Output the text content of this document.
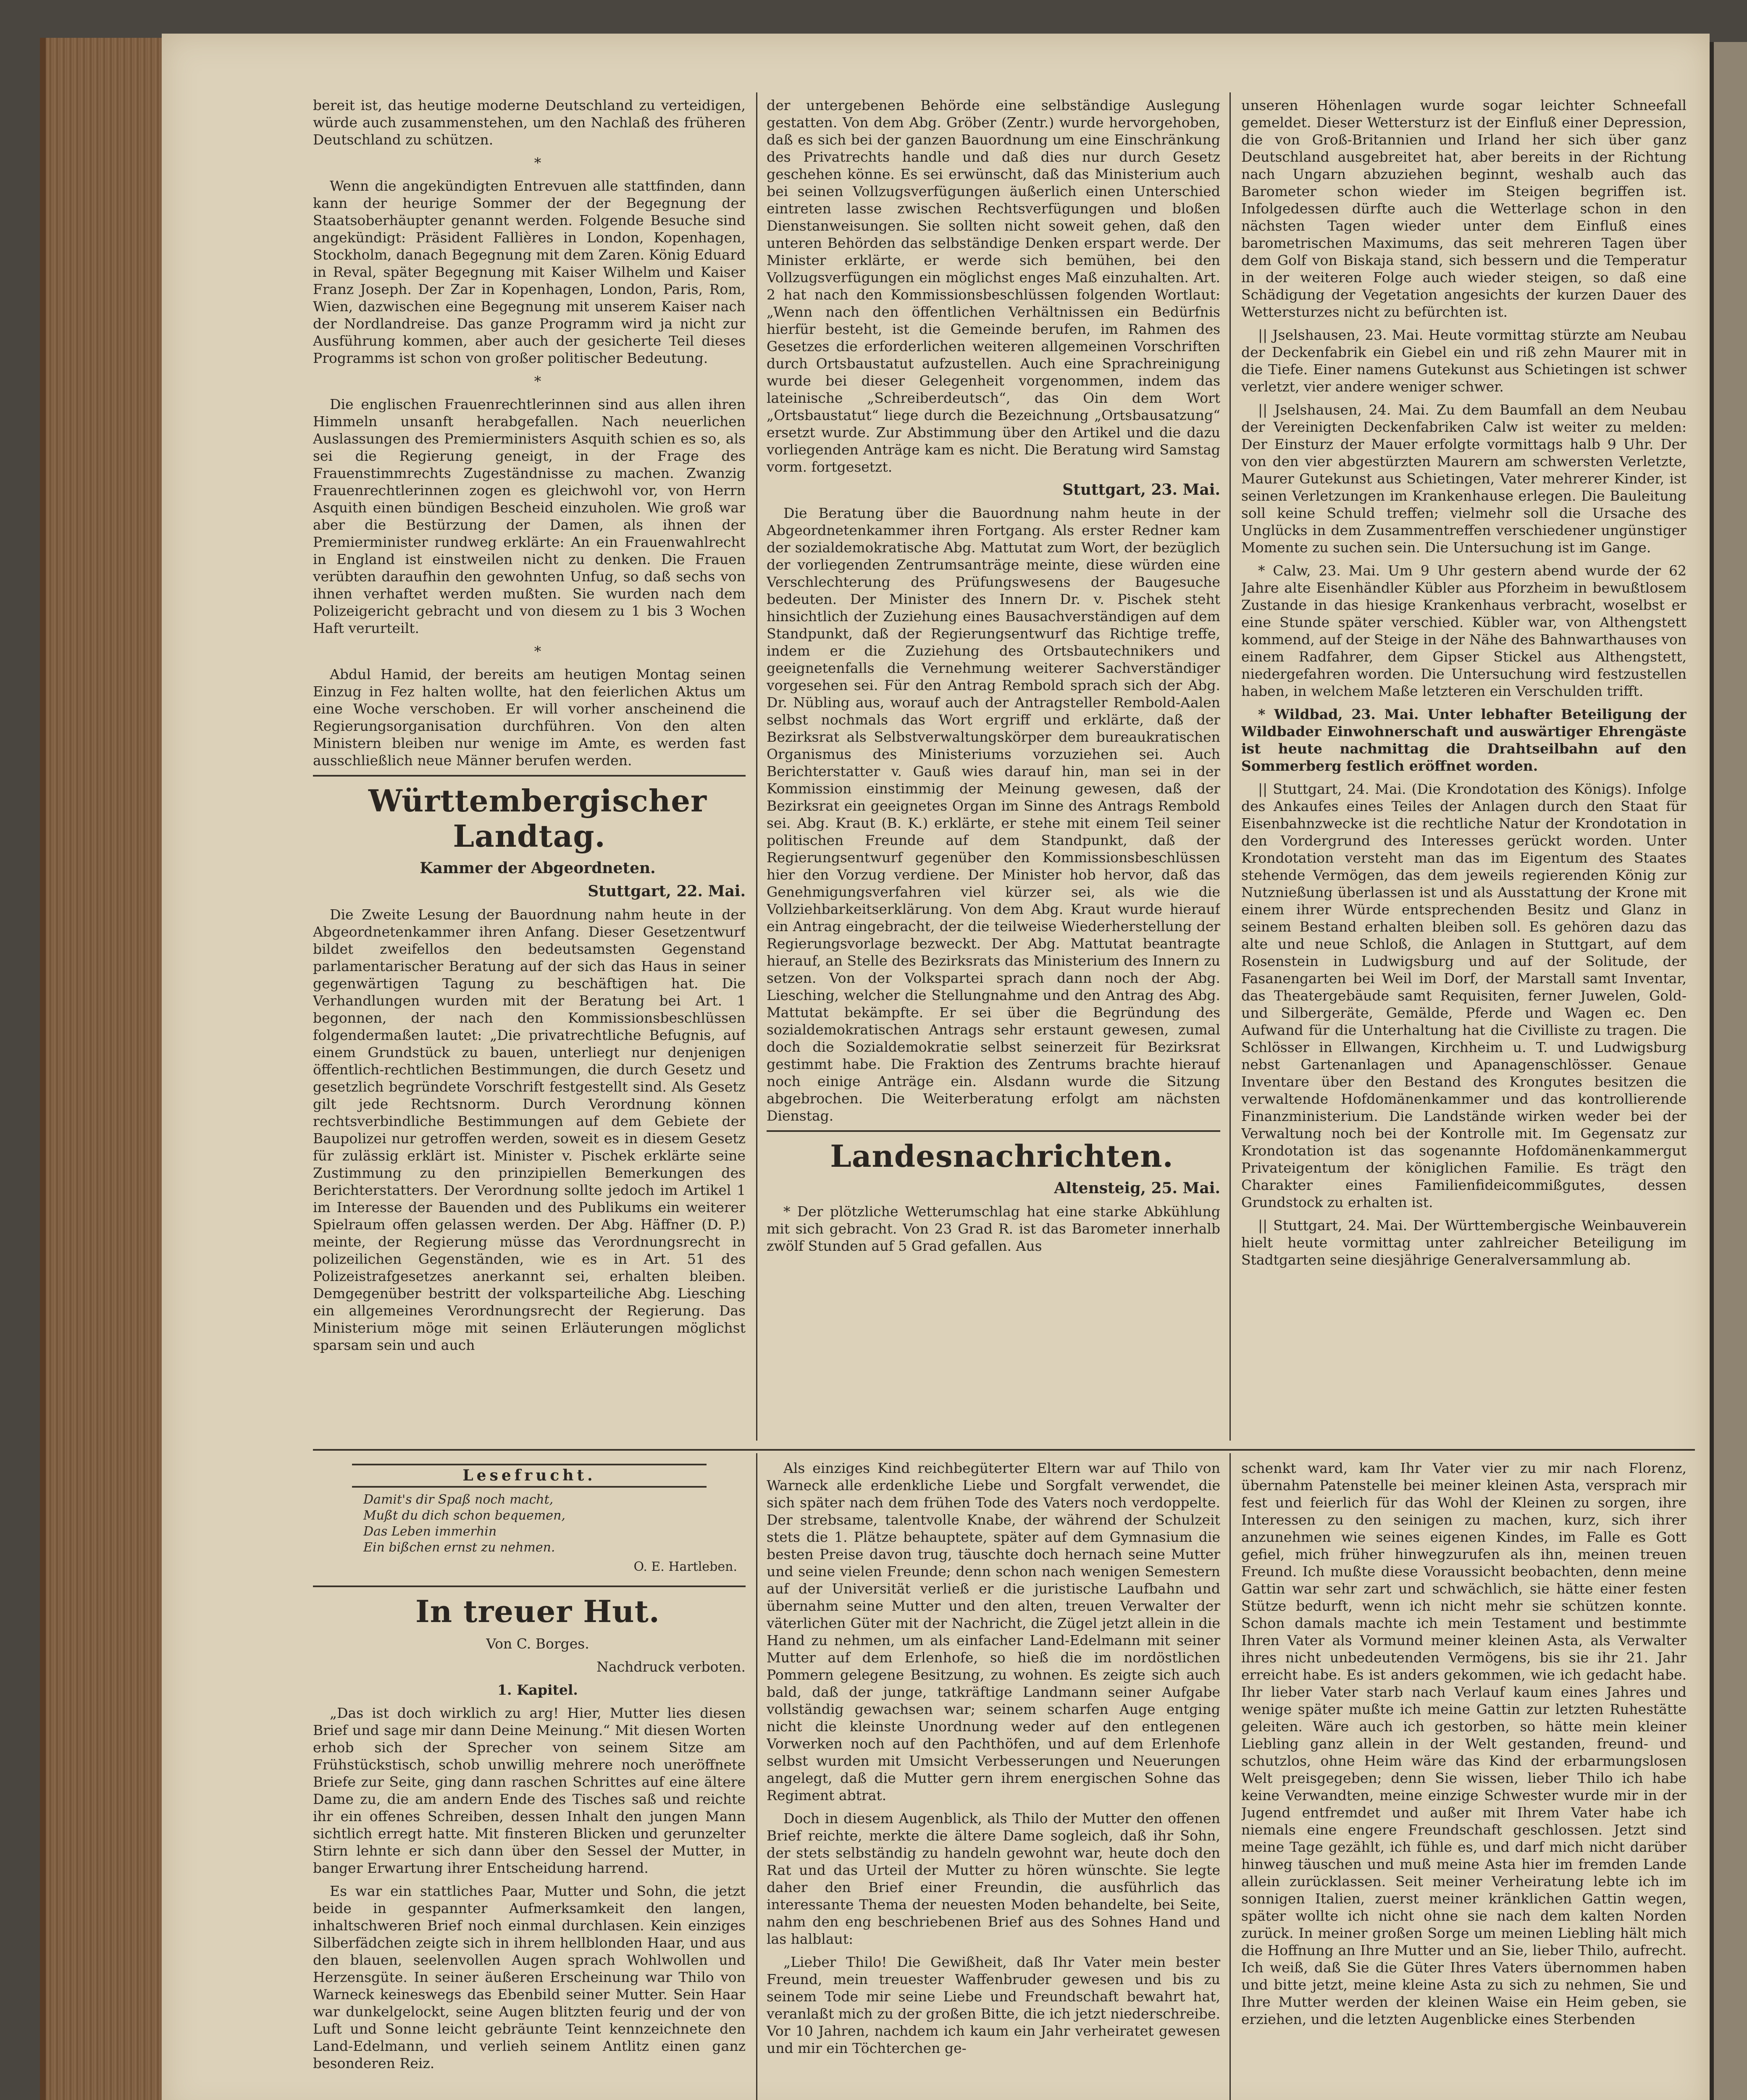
bereit ist, das heutige moderne Deutschland zu verteidigen, würde auch zusammenstehen, um den Nachlaß des früheren Deutschland zu schützen.

*

Wenn die angekündigten Entrevuen alle stattfinden, dann kann der heurige Sommer der der Begegnung der Staatsoberhäupter genannt werden. Folgende Besuche sind angekündigt: Präsident Fallières in London, Kopenhagen, Stockholm, danach Begegnung mit dem Zaren. König Eduard in Reval, später Begegnung mit Kaiser Wilhelm und Kaiser Franz Joseph. Der Zar in Kopenhagen, London, Paris, Rom, Wien, dazwischen eine Begegnung mit unserem Kaiser nach der Nordlandreise. Das ganze Programm wird ja nicht zur Ausführung kommen, aber auch der gesicherte Teil dieses Programms ist schon von großer politischer Bedeutung.

*

Die englischen Frauenrechtlerinnen sind aus allen ihren Himmeln unsanft herabgefallen. Nach neuerlichen Auslassungen des Premierministers Asquith schien es so, als sei die Regierung geneigt, in der Frage des Frauenstimmrechts Zugeständnisse zu machen. Zwanzig Frauenrechtlerinnen zogen es gleichwohl vor, von Herrn Asquith einen bündigen Bescheid einzuholen. Wie groß war aber die Bestürzung der Damen, als ihnen der Premierminister rundweg erklärte: An ein Frauenwahlrecht in England ist einstweilen nicht zu denken. Die Frauen verübten daraufhin den gewohnten Unfug, so daß sechs von ihnen verhaftet werden mußten. Sie wurden nach dem Polizeigericht gebracht und von diesem zu 1 bis 3 Wochen Haft verurteilt.

*

Abdul Hamid, der bereits am heutigen Montag seinen Einzug in Fez halten wollte, hat den feierlichen Aktus um eine Woche verschoben. Er will vorher anscheinend die Regierungsorganisation durchführen. Von den alten Ministern bleiben nur wenige im Amte, es werden fast ausschließlich neue Männer berufen werden.

Württembergischer Landtag.

Kammer der Abgeordneten.

Stuttgart, 22. Mai.

Die Zweite Lesung der Bauordnung nahm heute in der Abgeordnetenkammer ihren Anfang. Dieser Gesetzentwurf bildet zweifellos den bedeutsamsten Gegenstand parlamentarischer Beratung auf der sich das Haus in seiner gegenwärtigen Tagung zu beschäftigen hat. Die Verhandlungen wurden mit der Beratung bei Art. 1 begonnen, der nach den Kommissionsbeschlüssen folgendermaßen lautet: „Die privatrechtliche Befugnis, auf einem Grundstück zu bauen, unterliegt nur denjenigen öffentlich-rechtlichen Bestimmungen, die durch Gesetz und gesetzlich begründete Vorschrift festgestellt sind. Als Gesetz gilt jede Rechtsnorm. Durch Verordnung können rechtsverbindliche Bestimmungen auf dem Gebiete der Baupolizei nur getroffen werden, soweit es in diesem Gesetz für zulässig erklärt ist. Minister v. Pischek erklärte seine Zustimmung zu den prinzipiellen Bemerkungen des Berichterstatters. Der Verordnung sollte jedoch im Artikel 1 im Interesse der Bauenden und des Publikums ein weiterer Spielraum offen gelassen werden. Der Abg. Häffner (D. P.) meinte, der Regierung müsse das Verordnungsrecht in polizeilichen Gegenständen, wie es in Art. 51 des Polizeistrafgesetzes anerkannt sei, erhalten bleiben. Demgegenüber bestritt der volksparteiliche Abg. Liesching ein allgemeines Verordnungsrecht der Regierung. Das Ministerium möge mit seinen Erläuterungen möglichst sparsam sein und auch

der untergebenen Behörde eine selbständige Auslegung gestatten. Von dem Abg. Gröber (Zentr.) wurde hervorgehoben, daß es sich bei der ganzen Bauordnung um eine Einschränkung des Privatrechts handle und daß dies nur durch Gesetz geschehen könne. Es sei erwünscht, daß das Ministerium auch bei seinen Vollzugsverfügungen äußerlich einen Unterschied eintreten lasse zwischen Rechtsverfügungen und bloßen Dienstanweisungen. Sie sollten nicht soweit gehen, daß den unteren Behörden das selbständige Denken erspart werde. Der Minister erklärte, er werde sich bemühen, bei den Vollzugsverfügungen ein möglichst enges Maß einzuhalten. Art. 2 hat nach den Kommissionsbeschlüssen folgenden Wortlaut: „Wenn nach den öffentlichen Verhältnissen ein Bedürfnis hierfür besteht, ist die Gemeinde berufen, im Rahmen des Gesetzes die erforderlichen weiteren allgemeinen Vorschriften durch Ortsbaustatut aufzustellen. Auch eine Sprachreinigung wurde bei dieser Gelegenheit vorgenommen, indem das lateinische „Schreiberdeutsch“, das Oin dem Wort „Ortsbaustatut“ liege durch die Bezeichnung „Ortsbausatzung“ ersetzt wurde. Zur Abstimmung über den Artikel und die dazu vorliegenden Anträge kam es nicht. Die Beratung wird Samstag vorm. fortgesetzt.

Stuttgart, 23. Mai.

Die Beratung über die Bauordnung nahm heute in der Abgeordnetenkammer ihren Fortgang. Als erster Redner kam der sozialdemokratische Abg. Mattutat zum Wort, der bezüglich der vorliegenden Zentrumsanträge meinte, diese würden eine Verschlechterung des Prüfungswesens der Baugesuche bedeuten. Der Minister des Innern Dr. v. Pischek steht hinsichtlich der Zuziehung eines Bausachverständigen auf dem Standpunkt, daß der Regierungsentwurf das Richtige treffe, indem er die Zuziehung des Ortsbautechnikers und geeignetenfalls die Vernehmung weiterer Sachverständiger vorgesehen sei. Für den Antrag Rembold sprach sich der Abg. Dr. Nübling aus, worauf auch der Antragsteller Rembold-Aalen selbst nochmals das Wort ergriff und erklärte, daß der Bezirksrat als Selbstverwaltungskörper dem bureaukratischen Organismus des Ministeriums vorzuziehen sei. Auch Berichterstatter v. Gauß wies darauf hin, man sei in der Kommission einstimmig der Meinung gewesen, daß der Bezirksrat ein geeignetes Organ im Sinne des Antrags Rembold sei. Abg. Kraut (B. K.) erklärte, er stehe mit einem Teil seiner politischen Freunde auf dem Standpunkt, daß der Regierungsentwurf gegenüber den Kommissionsbeschlüssen hier den Vorzug verdiene. Der Minister hob hervor, daß das Genehmigungsverfahren viel kürzer sei, als wie die Vollziehbarkeitserklärung. Von dem Abg. Kraut wurde hierauf ein Antrag eingebracht, der die teilweise Wiederherstellung der Regierungsvorlage bezweckt. Der Abg. Mattutat beantragte hierauf, an Stelle des Bezirksrats das Ministerium des Innern zu setzen. Von der Volkspartei sprach dann noch der Abg. Liesching, welcher die Stellungnahme und den Antrag des Abg. Mattutat bekämpfte. Er sei über die Begründung des sozialdemokratischen Antrags sehr erstaunt gewesen, zumal doch die Sozialdemokratie selbst seinerzeit für Bezirksrat gestimmt habe. Die Fraktion des Zentrums brachte hierauf noch einige Anträge ein. Alsdann wurde die Sitzung abgebrochen. Die Weiterberatung erfolgt am nächsten Dienstag.

Landesnachrichten.

Altensteig, 25. Mai.

* Der plötzliche Wetterumschlag hat eine starke Abkühlung mit sich gebracht. Von 23 Grad R. ist das Barometer innerhalb zwölf Stunden auf 5 Grad gefallen. Aus

unseren Höhenlagen wurde sogar leichter Schneefall gemeldet. Dieser Wettersturz ist der Einfluß einer Depression, die von Groß-Britannien und Irland her sich über ganz Deutschland ausgebreitet hat, aber bereits in der Richtung nach Ungarn abzuziehen beginnt, weshalb auch das Barometer schon wieder im Steigen begriffen ist. Infolgedessen dürfte auch die Wetterlage schon in den nächsten Tagen wieder unter dem Einfluß eines barometrischen Maximums, das seit mehreren Tagen über dem Golf von Biskaja stand, sich bessern und die Temperatur in der weiteren Folge auch wieder steigen, so daß eine Schädigung der Vegetation angesichts der kurzen Dauer des Wettersturzes nicht zu befürchten ist.

|| Jselshausen, 23. Mai. Heute vormittag stürzte am Neubau der Deckenfabrik ein Giebel ein und riß zehn Maurer mit in die Tiefe. Einer namens Gutekunst aus Schietingen ist schwer verletzt, vier andere weniger schwer.

|| Jselshausen, 24. Mai. Zu dem Baumfall an dem Neubau der Vereinigten Deckenfabriken Calw ist weiter zu melden: Der Einsturz der Mauer erfolgte vormittags halb 9 Uhr. Der von den vier abgestürzten Maurern am schwersten Verletzte, Maurer Gutekunst aus Schietingen, Vater mehrerer Kinder, ist seinen Verletzungen im Krankenhause erlegen. Die Bauleitung soll keine Schuld treffen; vielmehr soll die Ursache des Unglücks in dem Zusammentreffen verschiedener ungünstiger Momente zu suchen sein. Die Untersuchung ist im Gange.

* Calw, 23. Mai. Um 9 Uhr gestern abend wurde der 62 Jahre alte Eisenhändler Kübler aus Pforzheim in bewußtlosem Zustande in das hiesige Krankenhaus verbracht, woselbst er eine Stunde später verschied. Kübler war, von Altheng​stett kommend, auf der Steige in der Nähe des Bahnwarthauses von einem Radfahrer, dem Gipser Stickel aus Althengstett, niedergefahren worden. Die Untersuchung wird festzustellen haben, in welchem Maße letzteren ein Verschulden trifft.

* Wildbad, 23. Mai. Unter lebhafter Beteiligung der Wildbader Einwohnerschaft und auswärtiger Ehrengäste ist heute nachmittag die Drahtseilbahn auf den Sommerberg festlich eröffnet worden.

|| Stuttgart, 24. Mai. (Die Krondotation des Königs). Infolge des Ankaufes eines Teiles der Anlagen durch den Staat für Eisenbahnzwecke ist die rechtliche Natur der Krondotation in den Vordergrund des Interesses gerückt worden. Unter Krondotation versteht man das im Eigentum des Staates stehende Vermögen, das dem jeweils regierenden König zur Nutznießung überlassen ist und als Ausstattung der Krone mit einem ihrer Würde entsprechenden Besitz und Glanz in seinem Bestand erhalten bleiben soll. Es gehören dazu das alte und neue Schloß, die Anlagen in Stuttgart, auf dem Rosenstein in Ludwigsburg und auf der Solitude, der Fasanengarten bei Weil im Dorf, der Marstall samt Inventar, das Theatergebäude samt Requisiten, ferner Juwelen, Gold- und Silbergeräte, Gemälde, Pferde und Wagen ec. Den Aufwand für die Unterhaltung hat die Civilliste zu tragen. Die Schlösser in Ellwangen, Kirchheim u. T. und Ludwigsburg nebst Gartenanlagen und Apanagenschlösser. Genaue Inventare über den Bestand des Krongutes besitzen die verwaltende Hofdomänenkammer und das kontrollierende Finanzministerium. Die Landstände wirken weder bei der Verwaltung noch bei der Kontrolle mit. Im Gegensatz zur Krondotation ist das sogenannte Hofdomänenkammergut Privateigentum der königlichen Familie. Es trägt den Charakter eines Familienfideicommißgutes, dessen Grundstock zu erhalten ist.

|| Stuttgart, 24. Mai. Der Württembergische Weinbauverein hielt heute vormittag unter zahlreicher Beteiligung im Stadtgarten seine diesjährige Generalversammlung ab.

Lesefrucht.
Damit's dir Spaß noch macht,
Mußt du dich schon bequemen,
Das Leben immerhin
Ein bißchen ernst zu nehmen.
O. E. Hartleben.

In treuer Hut.

Von C. Borges.

Nachdruck verboten.

1. Kapitel.

„Das ist doch wirklich zu arg! Hier, Mutter lies diesen Brief und sage mir dann Deine Meinung.“ Mit diesen Worten erhob sich der Sprecher von seinem Sitze am Frühstückstisch, schob unwillig mehrere noch uneröffnete Briefe zur Seite, ging dann raschen Schrittes auf eine ältere Dame zu, die am andern Ende des Tisches saß und reichte ihr ein offenes Schreiben, dessen Inhalt den jungen Mann sichtlich erregt hatte. Mit finsteren Blicken und gerunzelter Stirn lehnte er sich dann über den Sessel der Mutter, in banger Erwartung ihrer Entscheidung harrend.

Es war ein stattliches Paar, Mutter und Sohn, die jetzt beide in gespannter Aufmerksamkeit den langen, inhaltschweren Brief noch einmal durchlasen. Kein einziges Silberfädchen zeigte sich in ihrem hellblonden Haar, und aus den blauen, seelenvollen Augen sprach Wohlwollen und Herzensgüte. In seiner äußeren Erscheinung war Thilo von Warneck keineswegs das Ebenbild seiner Mutter. Sein Haar war dunkelgelockt, seine Augen blitzten feurig und der von Luft und Sonne leicht gebräunte Teint kennzeichnete den Land-Edelmann, und verlieh seinem Antlitz einen ganz besonderen Reiz.

Als einziges Kind reichbegüterter Eltern war auf Thilo von Warneck alle erdenkliche Liebe und Sorgfalt verwendet, die sich später nach dem frühen Tode des Vaters noch verdoppelte. Der strebsame, talentvolle Knabe, der während der Schulzeit stets die 1. Plätze behauptete, später auf dem Gymnasium die besten Preise davon trug, täuschte doch hernach seine Mutter und seine vielen Freunde; denn schon nach wenigen Semestern auf der Universität verließ er die juristische Laufbahn und übernahm seine Mutter und den alten, treuen Verwalter der väterlichen Güter mit der Nachricht, die Zügel jetzt allein in die Hand zu nehmen, um als einfacher Land-Edelmann mit seiner Mutter auf dem Erlenhofe, so hieß die im nordöstlichen Pommern gelegene Besitzung, zu wohnen. Es zeigte sich auch bald, daß der junge, tatkräftige Landmann seiner Aufgabe vollständig gewachsen war; seinem scharfen Auge entging nicht die kleinste Unordnung weder auf den entlegenen Vorwerken noch auf den Pachthöfen, und auf dem Erlenhofe selbst wurden mit Umsicht Verbesserungen und Neuerungen angelegt, daß die Mutter gern ihrem energischen Sohne das Regiment abtrat.

Doch in diesem Augenblick, als Thilo der Mutter den offenen Brief reichte, merkte die ältere Dame sogleich, daß ihr Sohn, der stets selbständig zu handeln gewohnt war, heute doch den Rat und das Urteil der Mutter zu hören wünschte. Sie legte daher den Brief einer Freundin, die ausführlich das interessante Thema der neuesten Moden behandelte, bei Seite, nahm den eng beschriebenen Brief aus des Sohnes Hand und las halblaut:

„Lieber Thilo! Die Gewißheit, daß Ihr Vater mein bester Freund, mein treuester Waffenbruder gewesen und bis zu seinem Tode mir seine Liebe und Freundschaft bewahrt hat, veranlaßt mich zu der großen Bitte, die ich jetzt niederschreibe. Vor 10 Jahren, nachdem ich kaum ein Jahr verheiratet gewesen und mir ein Töchterchen ge-

schenkt ward, kam Ihr Vater vier zu mir nach Florenz, übernahm Patenstelle bei meiner kleinen Asta, versprach mir fest und feierlich für das Wohl der Kleinen zu sorgen, ihre Interessen zu den seinigen zu machen, kurz, sich ihrer anzunehmen wie seines eigenen Kindes, im Falle es Gott gefiel, mich früher hinwegzurufen als ihn, meinen treuen Freund. Ich mußte diese Voraussicht beobachten, denn meine Gattin war sehr zart und schwächlich, sie hätte einer festen Stütze bedurft, wenn ich nicht mehr sie schützen konnte. Schon damals machte ich mein Testament und bestimmte Ihren Vater als Vormund meiner kleinen Asta, als Verwalter ihres nicht unbedeutenden Vermögens, bis sie ihr 21. Jahr erreicht habe. Es ist anders gekommen, wie ich gedacht habe. Ihr lieber Vater starb nach Verlauf kaum eines Jahres und wenige später mußte ich meine Gattin zur letzten Ruhestätte geleiten. Wäre auch ich gestorben, so hätte mein kleiner Liebling ganz allein in der Welt gestanden, freund- und schutzlos, ohne Heim wäre das Kind der erbarmungslosen Welt preisgegeben; denn Sie wissen, lieber Thilo ich habe keine Verwandten, meine einzige Schwester wurde mir in der Jugend entfremdet und außer mit Ihrem Vater habe ich niemals eine engere Freundschaft geschlossen. Jetzt sind meine Tage gezählt, ich fühle es, und darf mich nicht darüber hinweg täuschen und muß meine Asta hier im fremden Lande allein zurücklassen. Seit meiner Verheiratung lebte ich im sonnigen Italien, zuerst meiner kränklichen Gattin wegen, später wollte ich nicht ohne sie nach dem kalten Norden zurück. In meiner großen Sorge um meinen Liebling hält mich die Hoffnung an Ihre Mutter und an Sie, lieber Thilo, aufrecht. Ich weiß, daß Sie die Güter Ihres Vaters übernommen haben und bitte jetzt, meine kleine Asta zu sich zu nehmen, Sie und Ihre Mutter werden der kleinen Waise ein Heim geben, sie erziehen, und die letzten Augenblicke eines Sterbenden
